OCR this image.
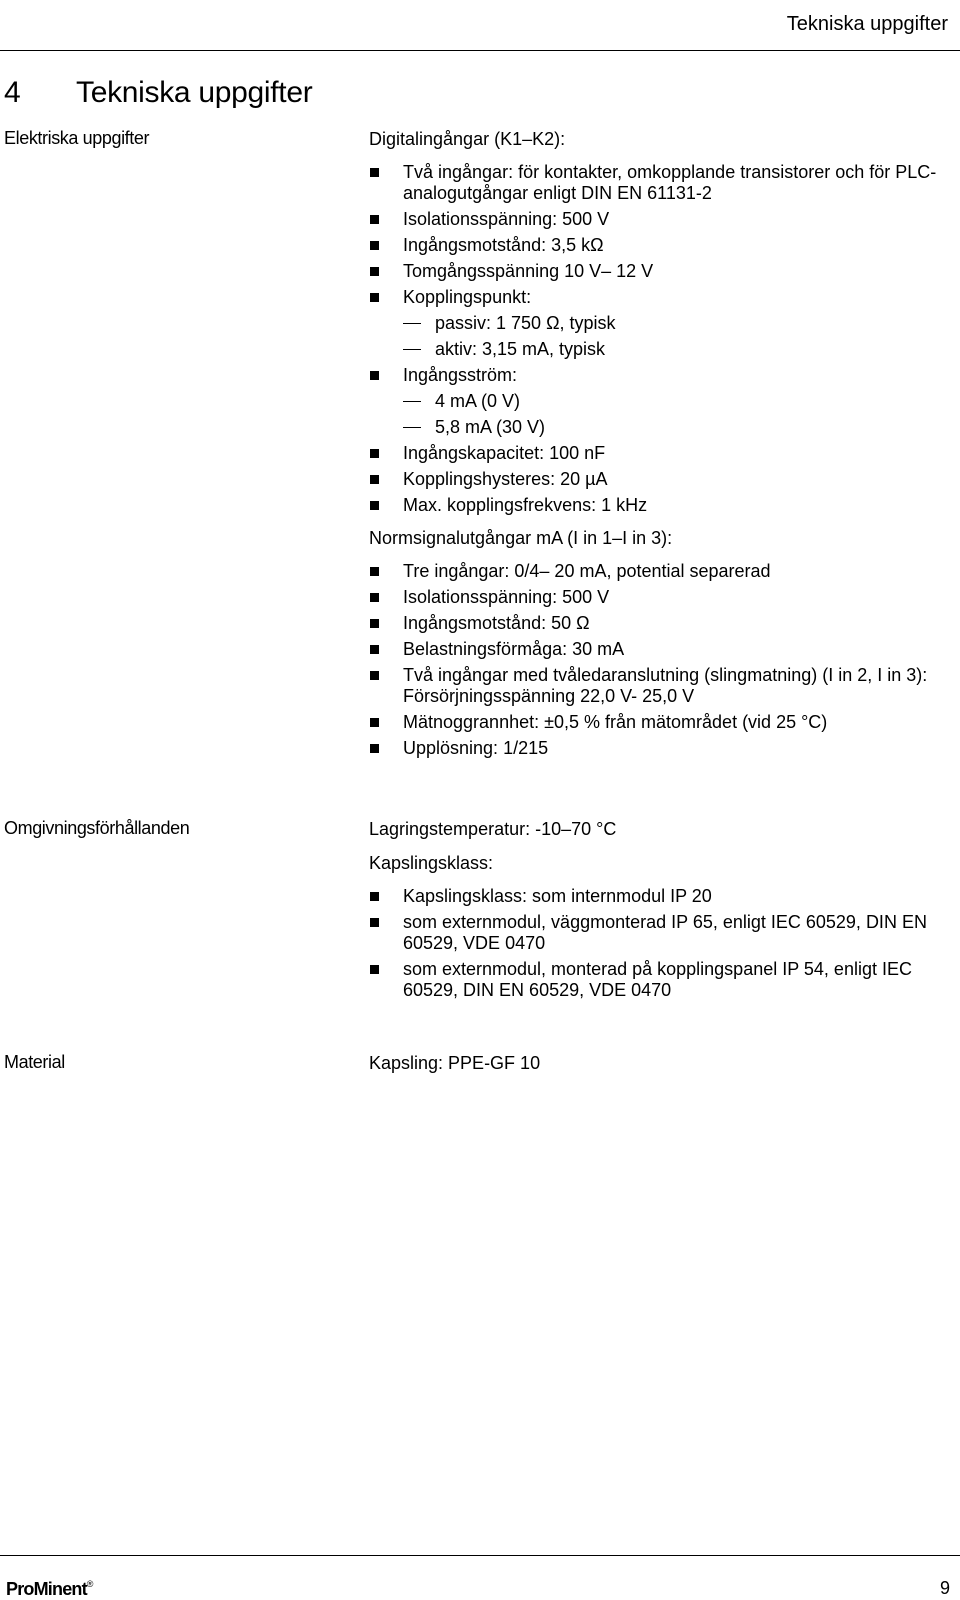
Tekniska uppgifter
4 Tekniska uppgifter
Elektriska uppgifter	Digitalingångar (K1–K2):

Två ingångar: för kontakter, omkopplande transistorer och för PLC-analogutgångar enligt DIN EN 61131-2
Isolationsspänning: 500 V
Ingångsmotstånd: 3,5 kΩ
Tomgångsspänning 10 V– 12 V
Kopplingspunkt:
passiv: 1 750 Ω, typisk
aktiv: 3,15 mA, typisk
Ingångsström:
4 mA (0 V)
5,8 mA (30 V)
Ingångskapacitet: 100 nF
Kopplingshysteres: 20 µA
Max. kopplingsfrekvens: 1 kHz

Normsignalutgångar mA (I in 1–I in 3):

Tre ingångar: 0/4– 20 mA, potential separerad
Isolationsspänning: 500 V
Ingångsmotstånd: 50 Ω
Belastningsförmåga: 30 mA
Två ingångar med tvåledaranslutning (slingmatning) (I in 2, I in 3): Försörjningsspänning 22,0 V- 25,0 V
Mätnoggrannhet: ±0,5 % från mätområdet (vid 25 °C)
Upplösning: 1/215
Omgivningsförhållanden	Lagringstemperatur: -10–70 °C

Kapslingsklass:

Kapslingsklass: som internmodul IP 20
som externmodul, väggmonterad IP 65, enligt IEC 60529, DIN EN 60529, VDE 0470
som externmodul, monterad på kopplingspanel IP 54, enligt IEC 60529, DIN EN 60529, VDE 0470
Material	Kapsling: PPE-GF 10

ProMinent®	9
